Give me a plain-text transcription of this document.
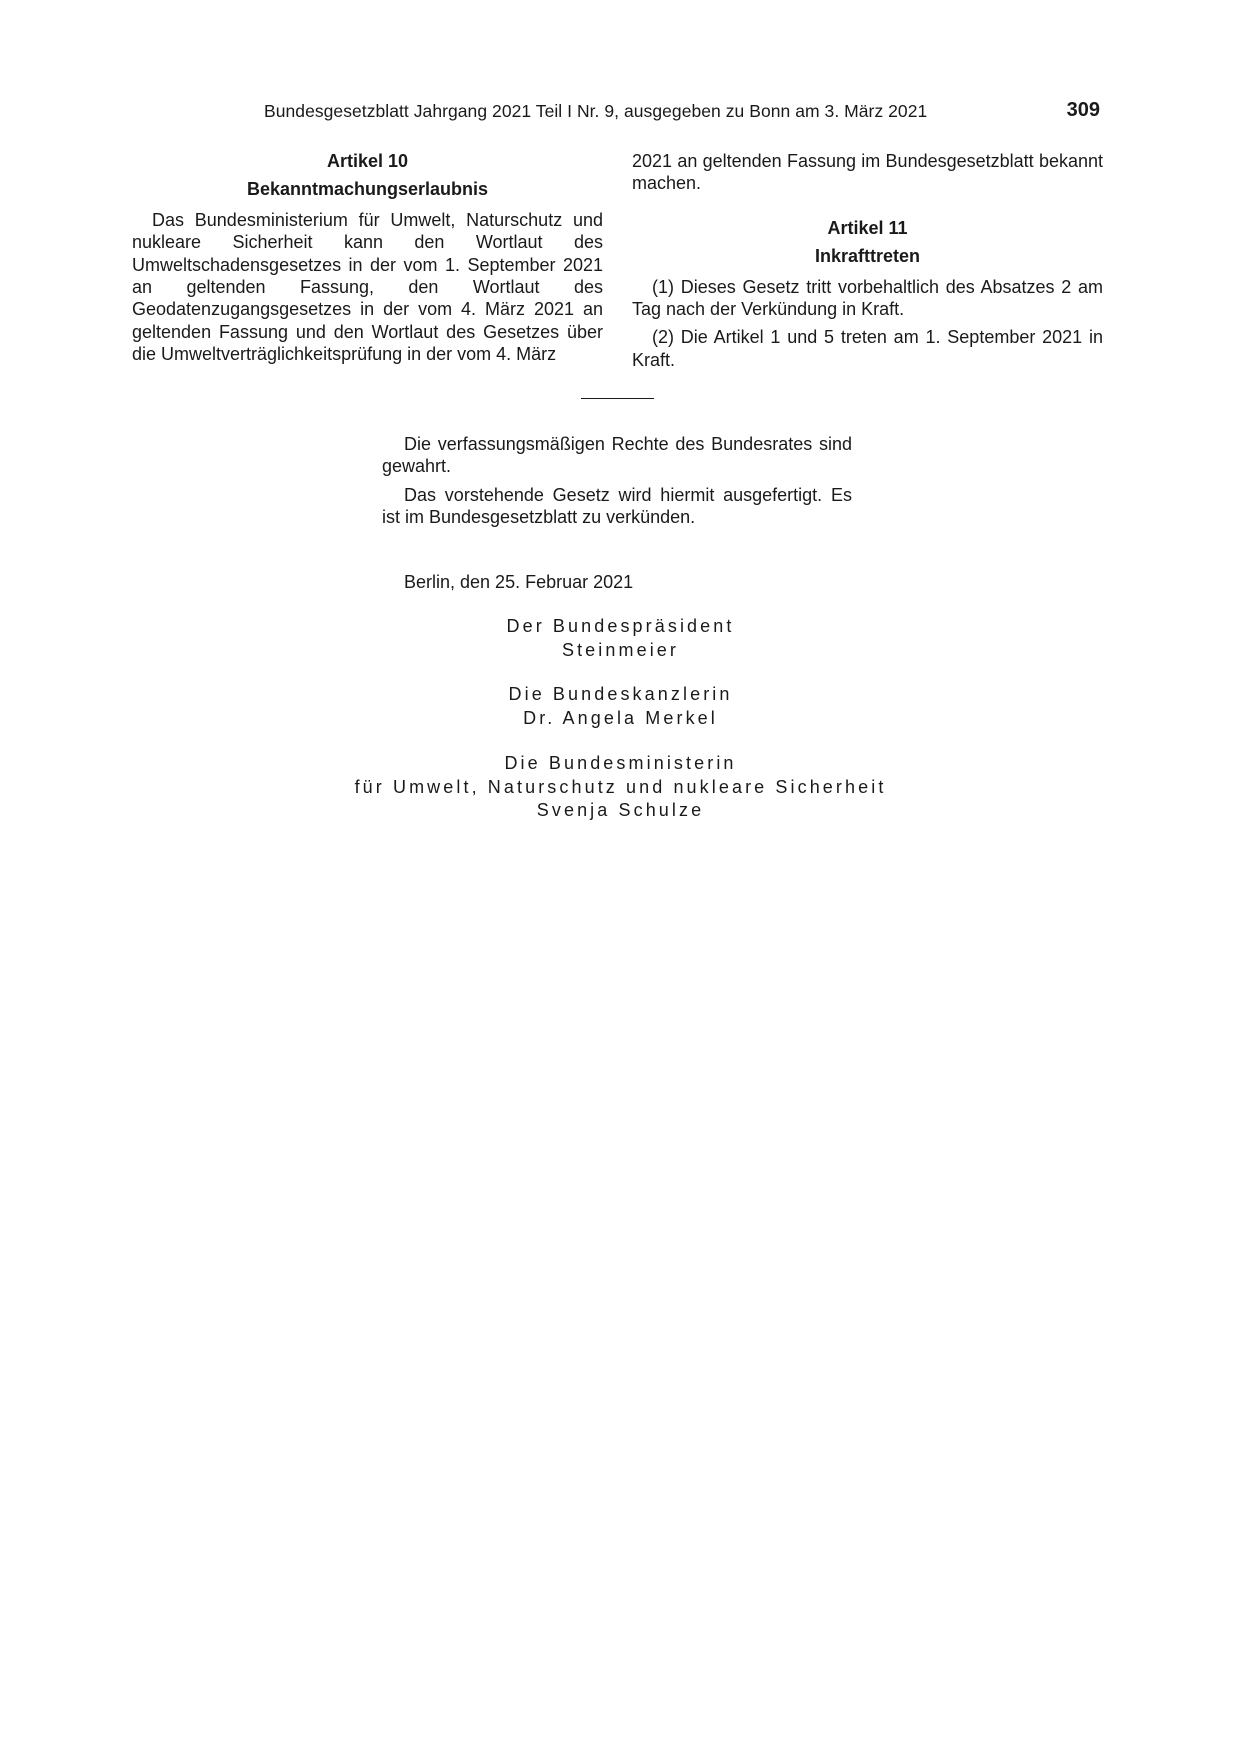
Bundesgesetzblatt Jahrgang 2021 Teil I Nr. 9, ausgegeben zu Bonn am 3. März 2021	309

Artikel 10

Bekanntmachungserlaubnis

Das Bundesministerium für Umwelt, Naturschutz und nukleare Sicherheit kann den Wortlaut des Umweltschadensgesetzes in der vom 1. September 2021 an geltenden Fassung, den Wortlaut des Geodatenzugangsgesetzes in der vom 4. März 2021 an geltenden Fassung und den Wortlaut des Gesetzes über die Umweltverträglichkeitsprüfung in der vom 4. März

2021 an geltenden Fassung im Bundesgesetzblatt bekannt machen.

Artikel 11

Inkrafttreten

(1) Dieses Gesetz tritt vorbehaltlich des Absatzes 2 am Tag nach der Verkündung in Kraft.

(2) Die Artikel 1 und 5 treten am 1. September 2021 in Kraft.

Die verfassungsmäßigen Rechte des Bundesrates sind gewahrt.

Das vorstehende Gesetz wird hiermit ausgefertigt. Es ist im Bundesgesetzblatt zu verkünden.

Berlin, den 25. Februar 2021
Der Bundespräsident
Steinmeier
Die Bundeskanzlerin
Dr. Angela Merkel
Die Bundesministerin
für Umwelt, Naturschutz und nukleare Sicherheit
Svenja Schulze
